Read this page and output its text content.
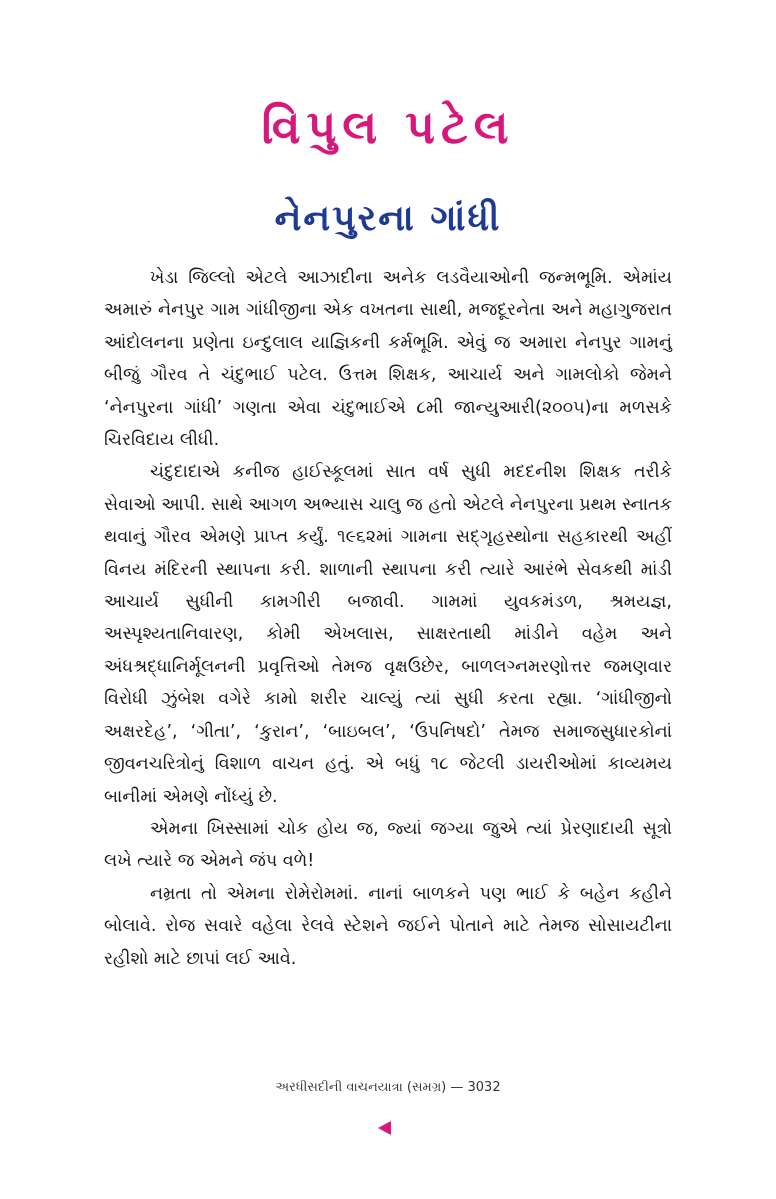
વિપુલ પટેલ
નેનપુરના ગાંધી

ખેડા જિલ્લો એટલે આઝાદીના અનેક લડવૈયાઓની જન્મભૂમિ. એમાંય અમારું નેનપુર ગામ ગાંધીજીના એક વખતના સાથી, મજદૂરનેતા અને મહાગુજરાત આંદોલનના પ્રણેતા ઇન્દુલાલ યાજ્ઞિકની કર્મભૂમિ. એવું જ અમારા નેનપુર ગામનું બીજું ગૌરવ તે ચંદુભાઈ પટેલ. ઉત્તમ શિક્ષક, આચાર્ય અને ગામલોકો જેમને ‘નેનપુરના ગાંધી’ ગણતા એવા ચંદુભાઈએ ૮મી જાન્યુઆરી(૨૦૦૫)ના મળસકે ચિરવિદાય લીધી.

ચંદુદાદાએ કનીજ હાઈસ્કૂલમાં સાત વર્ષ સુધી મદદનીશ શિક્ષક તરીકે સેવાઓ આપી. સાથે આગળ અભ્યાસ ચાલુ જ હતો એટલે નેનપુરના પ્રથમ સ્નાતક થવાનું ગૌરવ એમણે પ્રાપ્ત કર્યું. ૧૯૬૨માં ગામના સદ્ગૃહસ્થોના સહકારથી અહીં વિનય મંદિરની સ્થાપના કરી. શાળાની સ્થાપના કરી ત્યારે આરંભે સેવકથી માંડી આચાર્ય સુધીની કામગીરી બજાવી. ગામમાં યુવકમંડળ, શ્રમયજ્ઞ, અસ્પૃશ્યતાનિવારણ, કોમી એખલાસ, સાક્ષરતાથી માંડીને વહેમ અને અંધશ્રદ્ધાનિર્મૂલનની પ્રવૃત્તિઓ તેમજ વૃક્ષઉછેર, બાળલગ્નમરણોત્તર જમણવાર વિરોધી ઝુંબેશ વગેરે કામો શરીર ચાલ્યું ત્યાં સુધી કરતા રહ્યા. ‘ગાંધીજીનો અક્ષરદેહ’, ‘ગીતા’, ‘કુરાન’, ‘બાઇબલ’, ‘ઉપનિષદો’ તેમજ સમાજસુધારકોનાં જીવનચરિત્રોનું વિશાળ વાચન હતું. એ બધું ૧૮ જેટલી ડાયરીઓમાં કાવ્યમય બાનીમાં એમણે નોંધ્યું છે.

એમના ખિસ્સામાં ચોક હોય જ, જ્યાં જગ્યા જુએ ત્યાં પ્રેરણાદાયી સૂત્રો લખે ત્યારે જ એમને જંપ વળે!

નમ્રતા તો એમના રોમેરોમમાં. નાનાં બાળકને પણ ભાઈ કે બહેન કહીને બોલાવે. રોજ સવારે વહેલા રેલવે સ્ટેશને જઈને પોતાને માટે તેમજ સોસાયટીના રહીશો માટે છાપાં લઈ આવે.

અરધીસદીની વાચનયાત્રા (સમગ્ર) — 3032
